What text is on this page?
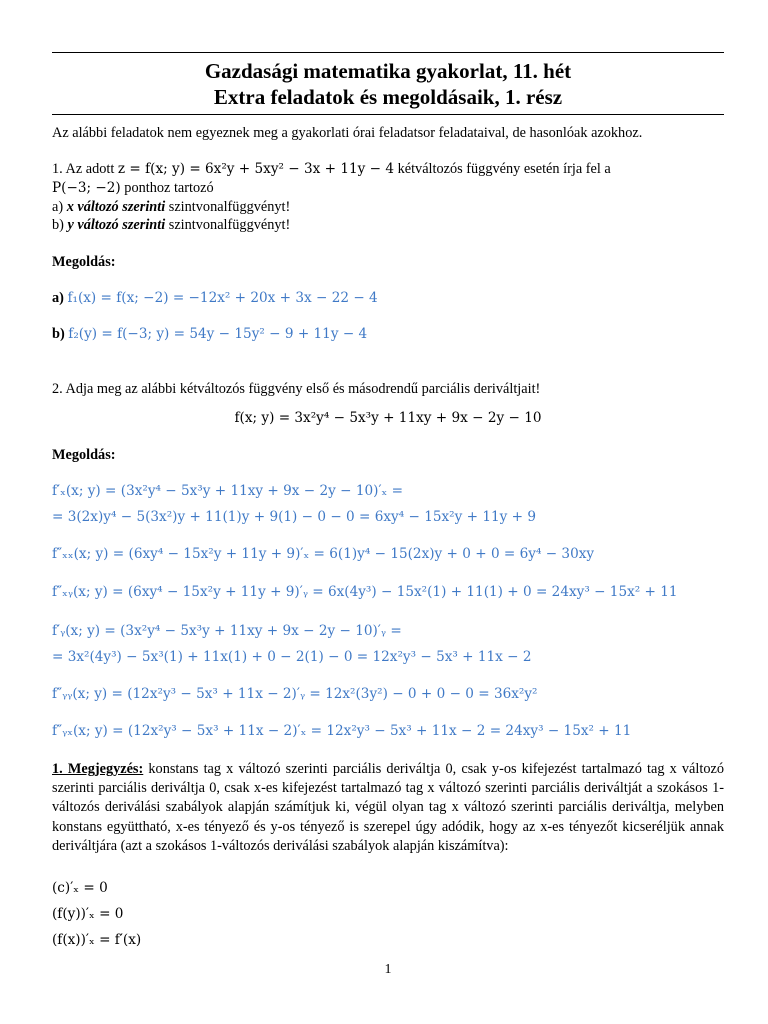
Gazdasági matematika gyakorlat, 11. hét
Extra feladatok és megoldásaik, 1. rész
Az alábbi feladatok nem egyeznek meg a gyakorlati órai feladatsor feladataival, de hasonlóak azokhoz.
1. Az adott z = f(x; y) = 6x²y + 5xy² − 3x + 11y − 4 kétváltozós függvény esetén írja fel a
P(−3; −2) ponthoz tartozó
a) x változó szerinti szintvonalfüggvényt!
b) y változó szerinti szintvonalfüggvényt!
Megoldás:
a) f₁(x) = f(x; −2) = −12x² + 20x + 3x − 22 − 4
b) f₂(y) = f(−3; y) = 54y − 15y² − 9 + 11y − 4
2. Adja meg az alábbi kétváltozós függvény első és másodrendű parciális deriváltjait!
f(x; y) = 3x²y⁴ − 5x³y + 11xy + 9x − 2y − 10
Megoldás:
f′ₓ(x; y) = (3x²y⁴ − 5x³y + 11xy + 9x − 2y − 10)′ₓ =
= 3(2x)y⁴ − 5(3x²)y + 11(1)y + 9(1) − 0 − 0 = 6xy⁴ − 15x²y + 11y + 9
f″ₓₓ(x; y) = (6xy⁴ − 15x²y + 11y + 9)′ₓ = 6(1)y⁴ − 15(2x)y + 0 + 0 = 6y⁴ − 30xy
f″ₓᵧ(x; y) = (6xy⁴ − 15x²y + 11y + 9)′ᵧ = 6x(4y³) − 15x²(1) + 11(1) + 0 = 24xy³ − 15x² + 11
f′ᵧ(x; y) = (3x²y⁴ − 5x³y + 11xy + 9x − 2y − 10)′ᵧ =
= 3x²(4y³) − 5x³(1) + 11x(1) + 0 − 2(1) − 0 = 12x²y³ − 5x³ + 11x − 2
f″ᵧᵧ(x; y) = (12x²y³ − 5x³ + 11x − 2)′ᵧ = 12x²(3y²) − 0 + 0 − 0 = 36x²y²
f″ᵧₓ(x; y) = (12x²y³ − 5x³ + 11x − 2)′ₓ = 12x²y³ − 5x³ + 11x − 2 = 24xy³ − 15x² + 11
1. Megjegyzés: konstans tag x változó szerinti parciális deriváltja 0, csak y-os kifejezést tartalmazó tag x változó szerinti parciális deriváltja 0, csak x-es kifejezést tartalmazó tag x változó szerinti parciális deriváltját a szokásos 1-változós deriválási szabályok alapján számítjuk ki, végül olyan tag x változó szerinti parciális deriváltja, melyben konstans együttható, x-es tényező és y-os tényező is szerepel úgy adódik, hogy az x-es tényezőt kicseréljük annak deriváltjára (azt a szokásos 1-változós deriválási szabályok alapján kiszámítva):
(c)′ₓ = 0
(f(y))′ₓ = 0
(f(x))′ₓ = f′(x)
1
